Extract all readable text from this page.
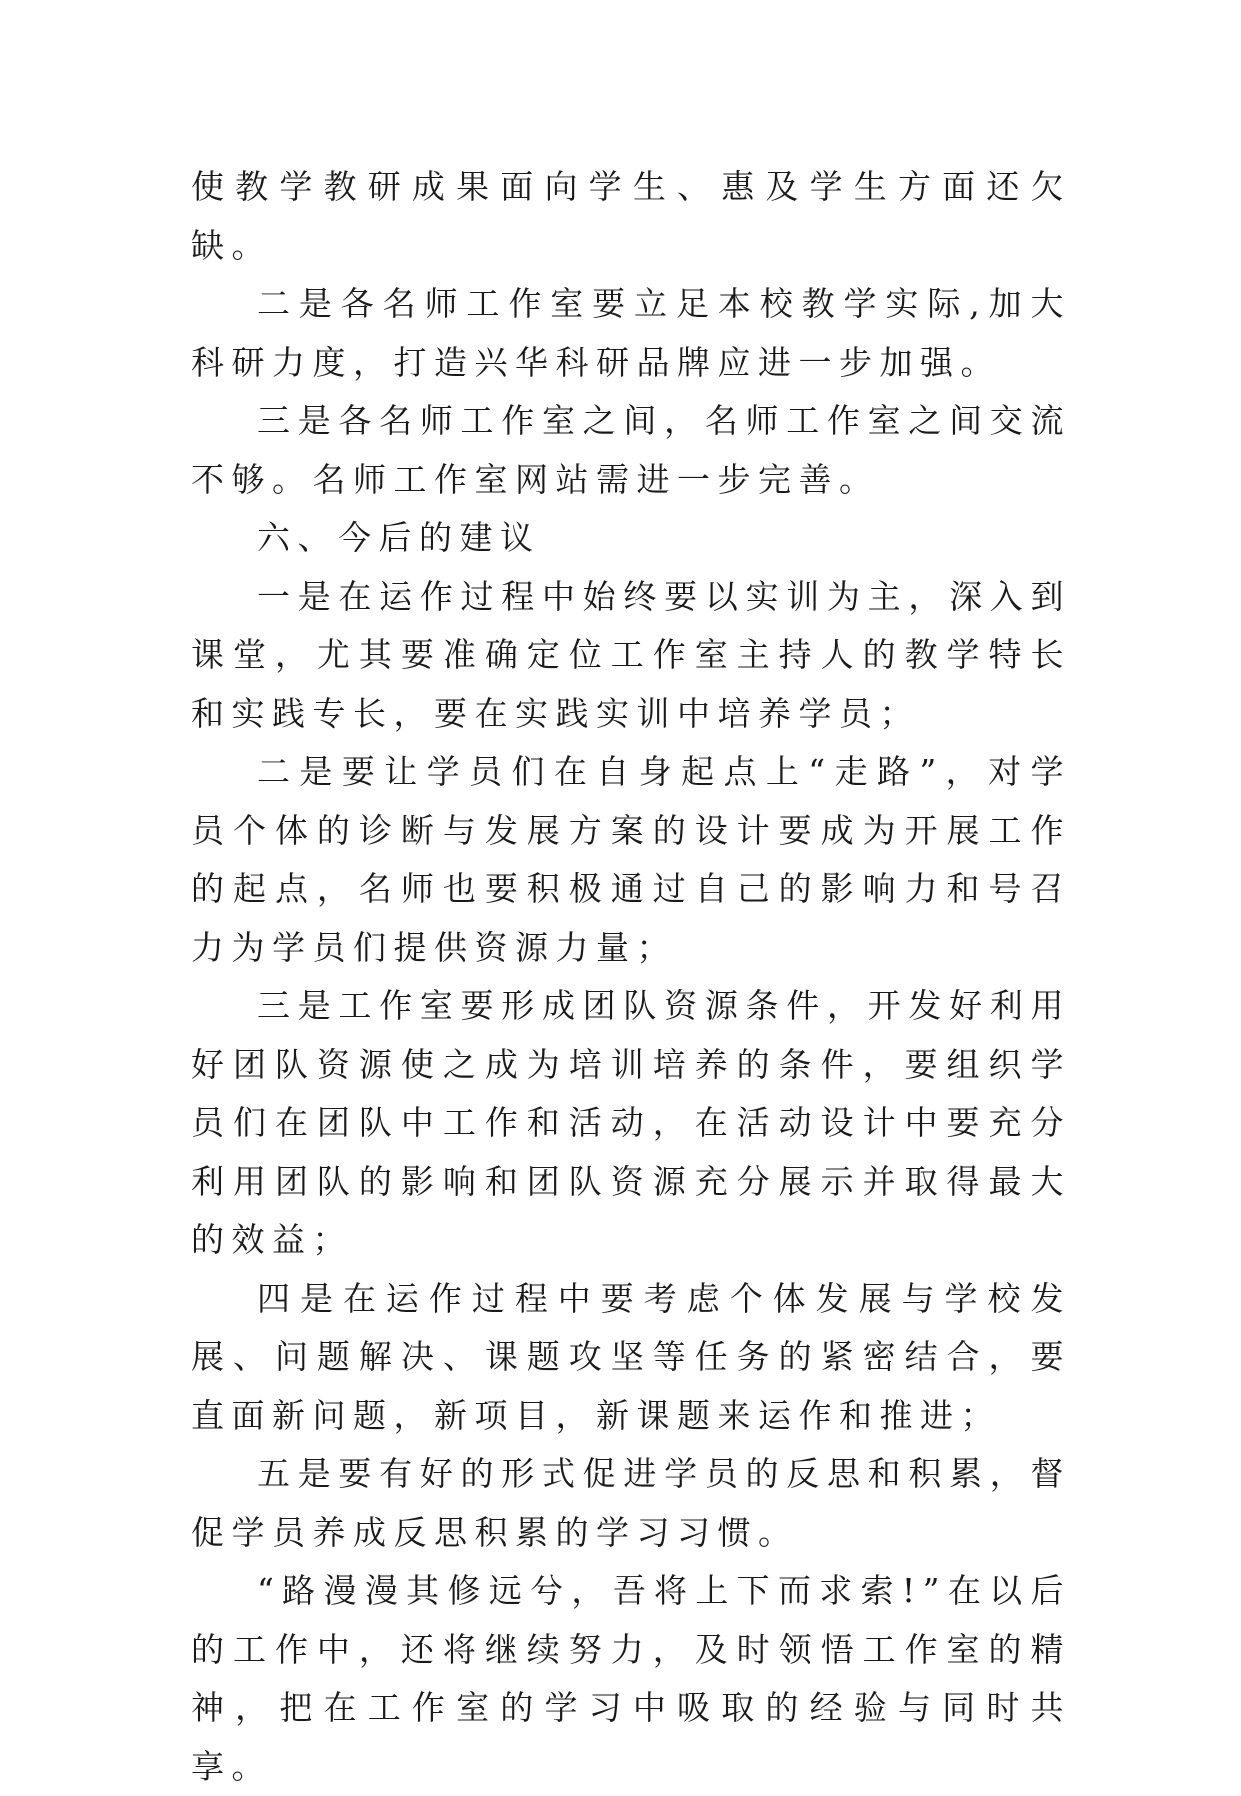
使教学教研成果面向学生、惠及学生方面还欠缺。

二是各名师工作室要立足本校教学实际,加大科研力度，打造兴华科研品牌应进一步加强。

三是各名师工作室之间，名师工作室之间交流不够。名师工作室网站需进一步完善。

六、今后的建议

一是在运作过程中始终要以实训为主，深入到课堂，尤其要准确定位工作室主持人的教学特长和实践专长，要在实践实训中培养学员；

二是要让学员们在自身起点上“走路”，对学员个体的诊断与发展方案的设计要成为开展工作的起点，名师也要积极通过自己的影响力和号召力为学员们提供资源力量；

三是工作室要形成团队资源条件，开发好利用好团队资源使之成为培训培养的条件，要组织学员们在团队中工作和活动，在活动设计中要充分利用团队的影响和团队资源充分展示并取得最大的效益；

四是在运作过程中要考虑个体发展与学校发展、问题解决、课题攻坚等任务的紧密结合，要直面新问题，新项目，新课题来运作和推进；

五是要有好的形式促进学员的反思和积累，督促学员养成反思积累的学习习惯。

“路漫漫其修远兮，吾将上下而求索!”在以后的工作中，还将继续努力，及时领悟工作室的精神，把在工作室的学习中吸取的经验与同时共享。
